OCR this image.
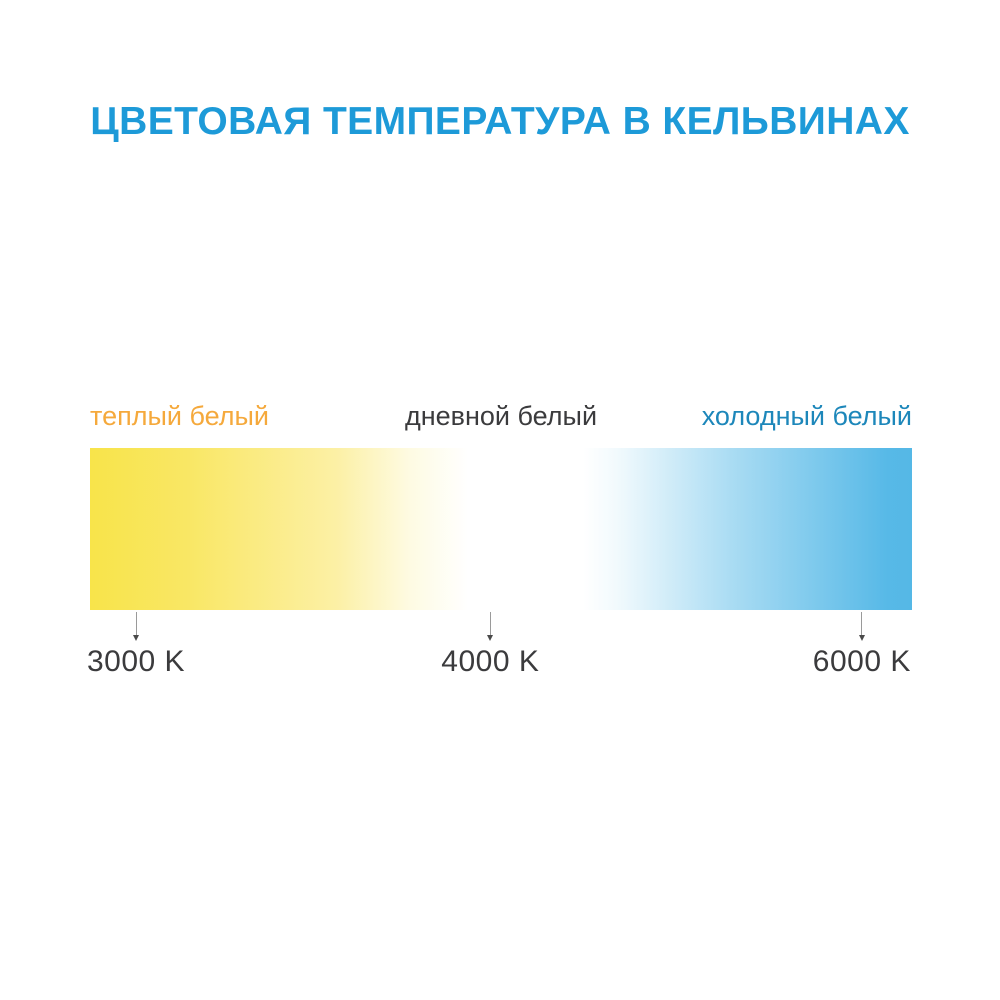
ЦВЕТОВАЯ ТЕМПЕРАТУРА В КЕЛЬВИНАХ
теплый белый	дневной белый	холодный белый
3000 K	4000 K	6000 K
